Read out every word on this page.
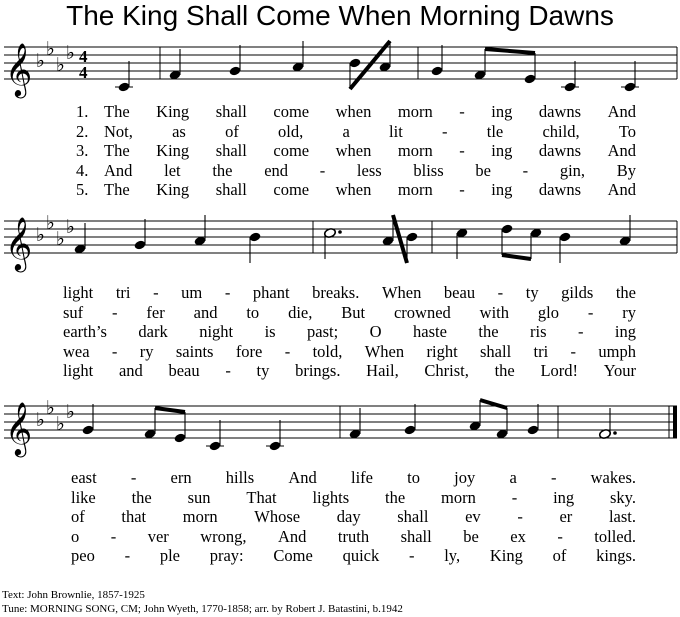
The King Shall Come When Morning Dawns
𝄞 ♭
♭
♭
♭ 4
4
𝄞 ♭
♭
♭
♭
𝄞 ♭
♭
♭
♭
1. The King shall come when morn - ing dawns And
2. Not, as of old, a lit - tle child, To
3. The King shall come when morn - ing dawns And
4. And let the end - less bliss be - gin, By
5. The King shall come when morn - ing dawns And
light tri - um - phant breaks. When beau - ty gilds the
suf - fer and to die, But crowned with glo - ry
earth’s dark night is past; O haste the ris - ing
wea - ry saints fore - told, When right shall tri - umph
light and beau - ty brings. Hail, Christ, the Lord! Your
east - ern hills And life to joy a - wakes.
like the sun That lights the morn - ing sky.
of that morn Whose day shall ev - er last.
o - ver wrong, And truth shall be ex - tolled.
peo - ple pray: Come quick - ly, King of kings.
Text: John Brownlie, 1857-1925
Tune: MORNING SONG, CM; John Wyeth, 1770-1858; arr. by Robert J. Batastini, b.1942
